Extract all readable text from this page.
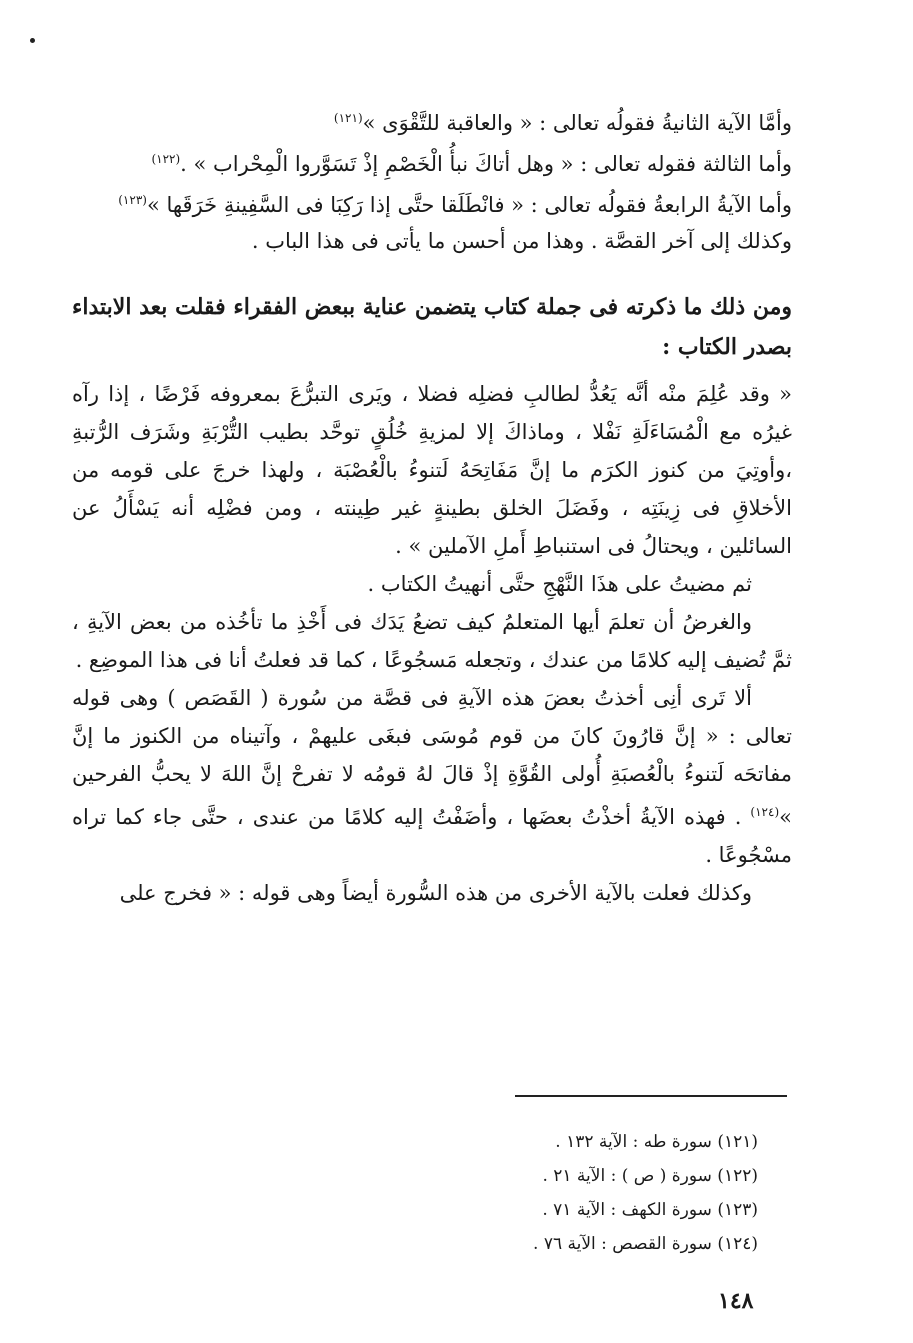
وأمَّا الآية الثانيةُ فقولُه تعالى : « والعاقبة للتَّقْوَى »$^{(١٢١)}$

وأما الثالثة فقوله تعالى : « وهل أتاكَ نبأُ الْخَصْمِ إذْ تَسَوَّروا الْمِحْراب » .$^{(١٢٢)}$

وأما الآيةُ الرابعةُ فقولُه تعالى : « فانْطَلَقا حتَّى إذا رَكِبَا فى السَّفِينةِ خَرَقَها »$^{(١٢٣)}$

وكذلك إلى آخر القصَّة . وهذا من أحسن ما يأتى فى هذا الباب .

ومن ذلك ما ذكرته فى جملة كتاب يتضمن عناية ببعض الفقراء فقلت بعد الابتداء بصدر الكتاب :

« وقد عُلِمَ منْه أنَّه يَعُدُّ لطالبِ فضلِه فضلا ، ويَرى التبرُّعَ بمعروفه فَرْضًا ، إذا رآه غيرُه مع الْمُسَاءَلَةِ نَفْلا ، وماذاكَ إلا لمزيةِ خُلُقٍ توحَّد بطيب التُّرْبَةِ وشَرَف الرُّتبةِ ،وأوتِيَ من كنوز الكرَم ما إنَّ مَفَاتِحَهُ لَتنوءُ بالْعُصْبَة ، ولهذا خرجَ على قومه من الأخلاقِ فى زِينَتِه ، وفَضَلَ الخلق بطينةٍ غير طِينته ، ومن فضْلِه أنه يَسْأَلُ عن السائلين ، ويحتالُ فى استنباطِ أَملِ الآملين » .

ثم مضيتُ على هذَا النَّهْجِ حتَّى أنهيتُ الكتاب .

والغرضُ أن تعلمَ أيها المتعلمُ كيف تضعُ يَدَك فى أَخْذِ ما تأخُذه من بعض الآيةِ ، ثمَّ تُضيف إليه كلامًا من عندك ، وتجعله مَسجُوعًا ، كما قد فعلتُ أنا فى هذا الموضِع .

ألا تَرى أنِى أخذتُ بعضَ هذه الآيةِ فى قصَّة من سُورة ( القَصَص ) وهى قوله تعالى : « إنَّ قارُونَ كانَ من قوم مُوسَى فبغَى عليهمْ ، وآتيناه من الكنوز ما إنَّ مفاتحَه لَتنوءُ بالْعُصبَةِ أُولى القُوَّةِ إذْ قالَ لهُ قومُه لا تفرحْ إنَّ اللهَ لا يحبُّ الفرحين »$^{(١٢٤)}$ . فهذه الآيةُ أخذْتُ بعضَها ، وأضَفْتُ إليه كلامًا من عندى ، حتَّى جاء كما تراه مسْجُوعًا .

وكذلك فعلت بالآية الأخرى من هذه السُّورة أيضاً وهى قوله : « فخرج على

(١٢١) سورة طه : الآية ١٣٢ .
(١٢٢) سورة ( ص ) : الآية ٢١ .
(١٢٣) سورة الكهف : الآية ٧١ .
(١٢٤) سورة القصص : الآية ٧٦ .
١٤٨
